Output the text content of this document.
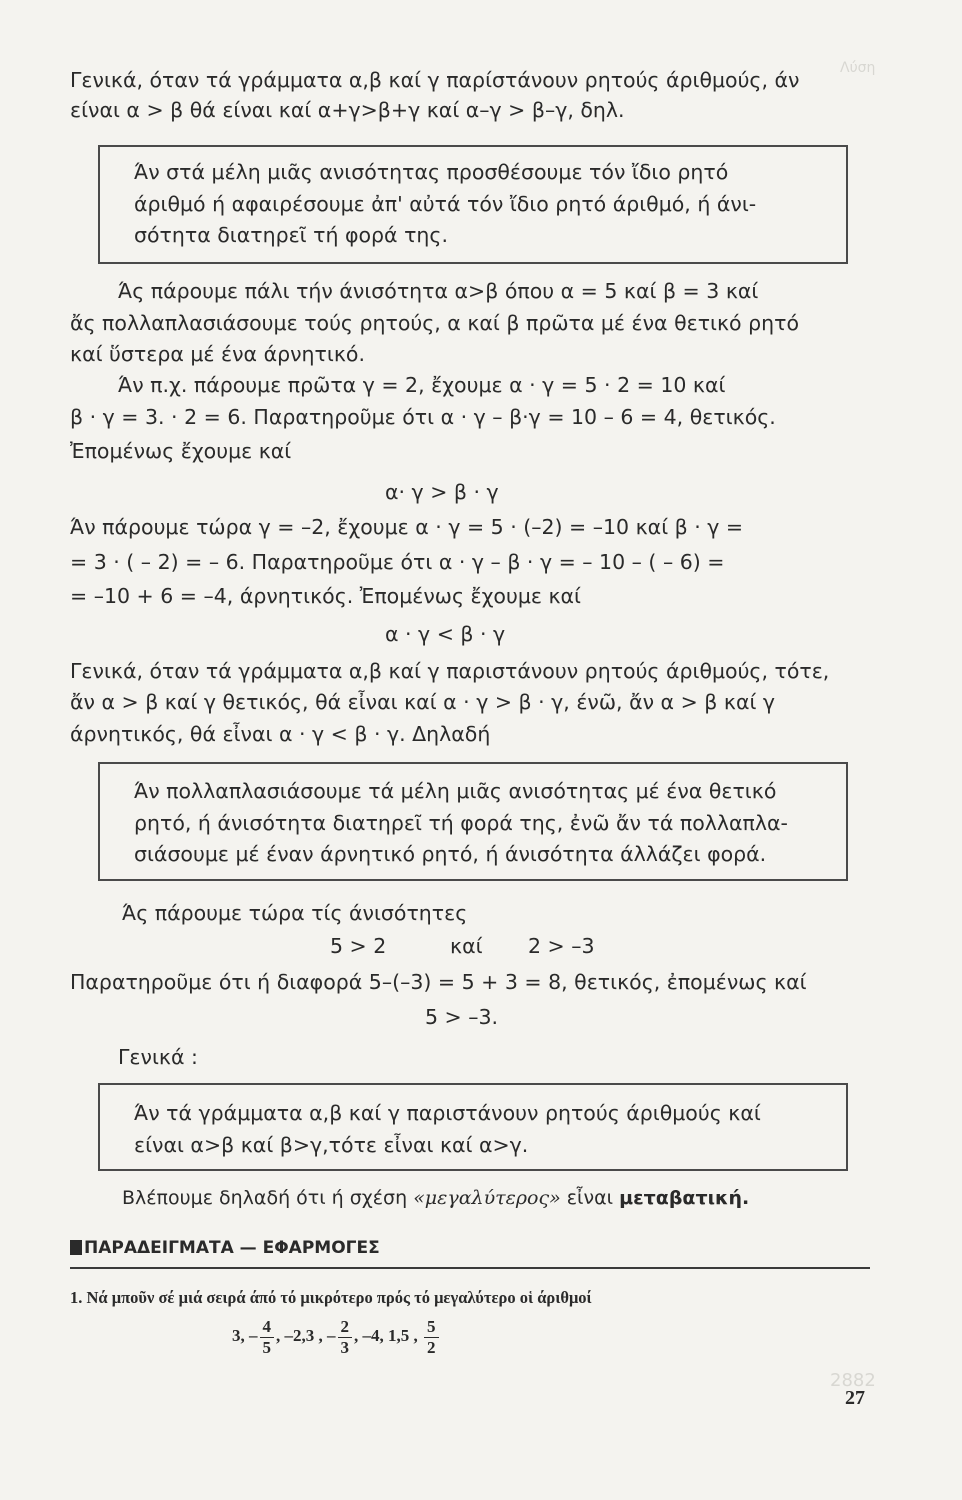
Λύση
2882
Γενικά, όταν τά γράμματα α,β καί γ παρίστάνουν ρητούς άριθμούς, άν
είναι α > β θά είναι καί α+γ>β+γ καί α–γ > β–γ, δηλ.
Άν στά μέλη μιᾶς ανισότητας προσθέσουμε τόν ἴδιο ρητό
άριθμό ή αφαιρέσουμε ἀπ' αὐτά τόν ἴδιο ρητό άριθμό, ή άνι-
σότητα διατηρεῖ τή φορά της.
Άς πάρουμε πάλι τήν άνισότητα α>β όπου α = 5 καί β = 3 καί
ἄς πολλαπλασιάσουμε τούς ρητούς, α καί β πρῶτα μέ ένα θετικό ρητό
καί ὕστερα μέ ένα άρνητικό.
Άν π.χ. πάρουμε πρῶτα γ = 2, ἔχουμε α · γ = 5 · 2 = 10 καί
β · γ = 3. · 2 = 6. Παρατηροῦμε ότι α · γ – β·γ = 10 – 6 = 4, θετικός.
Ἐπομένως ἔχουμε καί
α· γ > β · γ
Άν πάρουμε τώρα γ = –2, ἔχουμε α · γ = 5 · (–2) = –10 καί β · γ =
= 3 · ( – 2) = – 6. Παρατηροῦμε ότι α · γ – β · γ = – 10 – ( – 6) =
= –10 + 6 = –4, άρνητικός. Ἐπομένως ἔχουμε καί
α · γ < β · γ
Γενικά, όταν τά γράμματα α,β καί γ παριστάνουν ρητούς άριθμούς, τότε,
ἄν α > β καί γ θετικός, θά εἶναι καί α · γ > β · γ, ένῶ, ἄν α > β καί γ
άρνητικός, θά εἶναι α · γ < β · γ. Δηλαδή
Άν πολλαπλασιάσουμε τά μέλη μιᾶς ανισότητας μέ ένα θετικό
ρητό, ή άνισότητα διατηρεῖ τή φορά της, ἐνῶ ἄν τά πολλαπλα-
σιάσουμε μέ έναν άρνητικό ρητό, ή άνισότητα άλλάζει φορά.
Άς πάρουμε τώρα τίς άνισότητες
5 > 2	καί 2 > –3
Παρατηροῦμε ότι ή διαφορά 5–(–3) = 5 + 3 = 8, θετικός, ἐπομένως καί
5 > –3.
Γενικά :
Άν τά γράμματα α,β καί γ παριστάνουν ρητούς άριθμούς καί
είναι α>β καί β>γ,τότε εἶναι καί α>γ.
Βλέπουμε δηλαδή ότι ή σχέση «μεγαλύτερος» εἶναι μεταβατική.
ΠΑΡΑΔΕΙΓΜΑΤΑ — ΕΦΑΡΜΟΓΕΣ
1. Νά μποῦν σέ μιά σειρά άπό τό μικρότερο πρός τό μεγαλύτερο οἱ άριθμοί
3, – $\frac{4}{5}$ , –2,3 , – $\frac{2}{3}$ , –4, 1,5 , $\frac{5}{2}$
27
